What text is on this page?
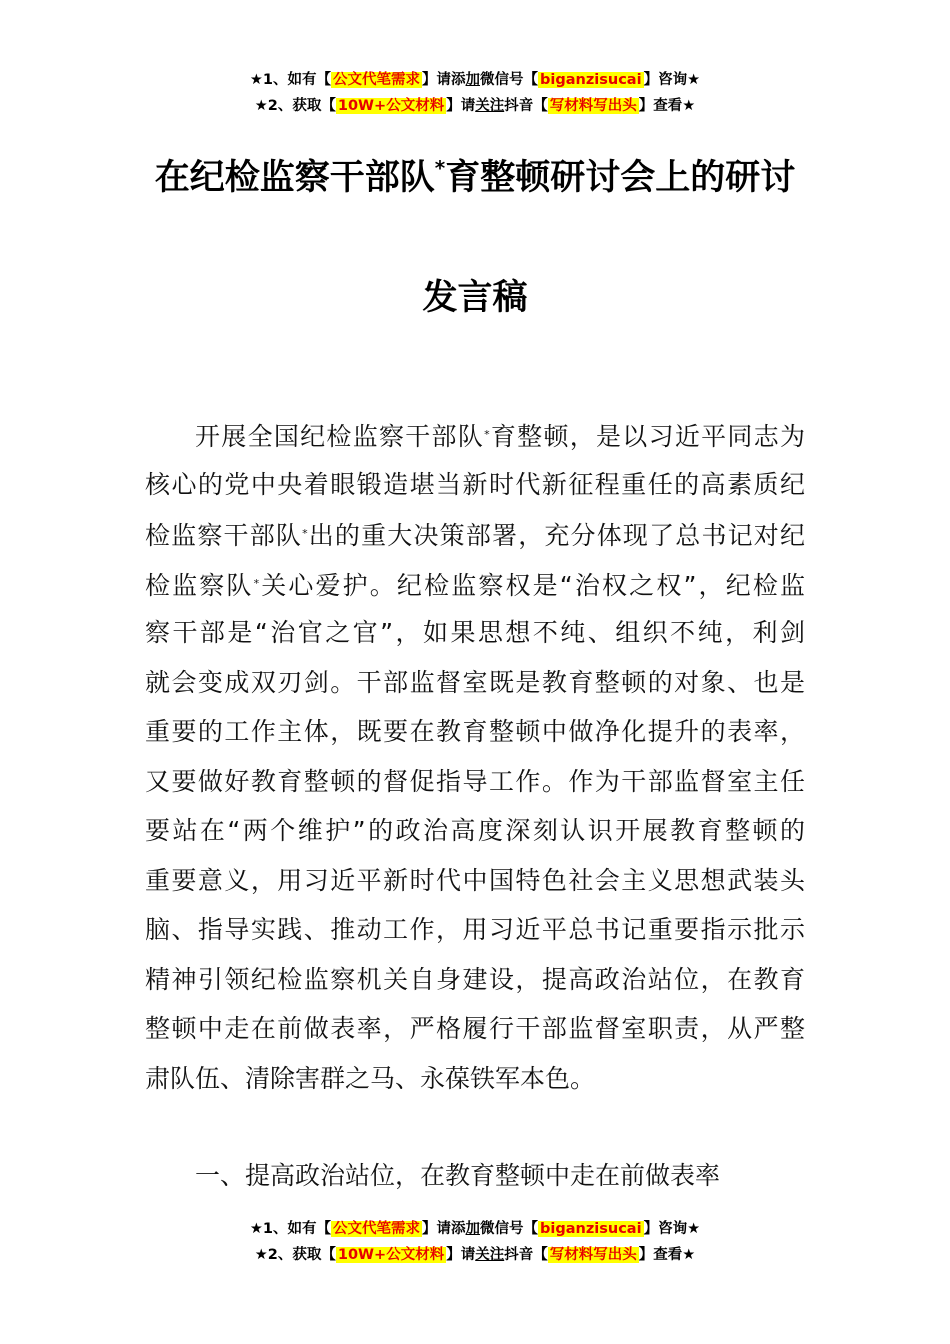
★1、如有【 公文代笔需求 】请添加微信号【 biganzisucai 】咨询★
★2、获取【 10W+公文材料 】请关注抖音【 写材料写出头 】查看★
在纪检监察干部队*育整顿研讨会上的研讨
发言稿
开展全国纪检监察干部队*育整顿，是以习近平同志为
核心的党中央着眼锻造堪当新时代新征程重任的高素质纪
检监察干部队*出的重大决策部署，充分体现了总书记对纪
检监察队*关心爱护。纪检监察权是“治权之权”，纪检监
察干部是“治官之官”，如果思想不纯、组织不纯，利剑
就会变成双刃剑。干部监督室既是教育整顿的对象、也是
重要的工作主体，既要在教育整顿中做净化提升的表率，
又要做好教育整顿的督促指导工作。作为干部监督室主任
要站在“两个维护”的政治高度深刻认识开展教育整顿的
重要意义，用习近平新时代中国特色社会主义思想武装头
脑、指导实践、推动工作，用习近平总书记重要指示批示
精神引领纪检监察机关自身建设，提高政治站位，在教育
整顿中走在前做表率，严格履行干部监督室职责，从严整
肃队伍、清除害群之马、永葆铁军本色。
一、提高政治站位，在教育整顿中走在前做表率
★1、如有【 公文代笔需求 】请添加微信号【 biganzisucai 】咨询★
★2、获取【 10W+公文材料 】请关注抖音【 写材料写出头 】查看★
